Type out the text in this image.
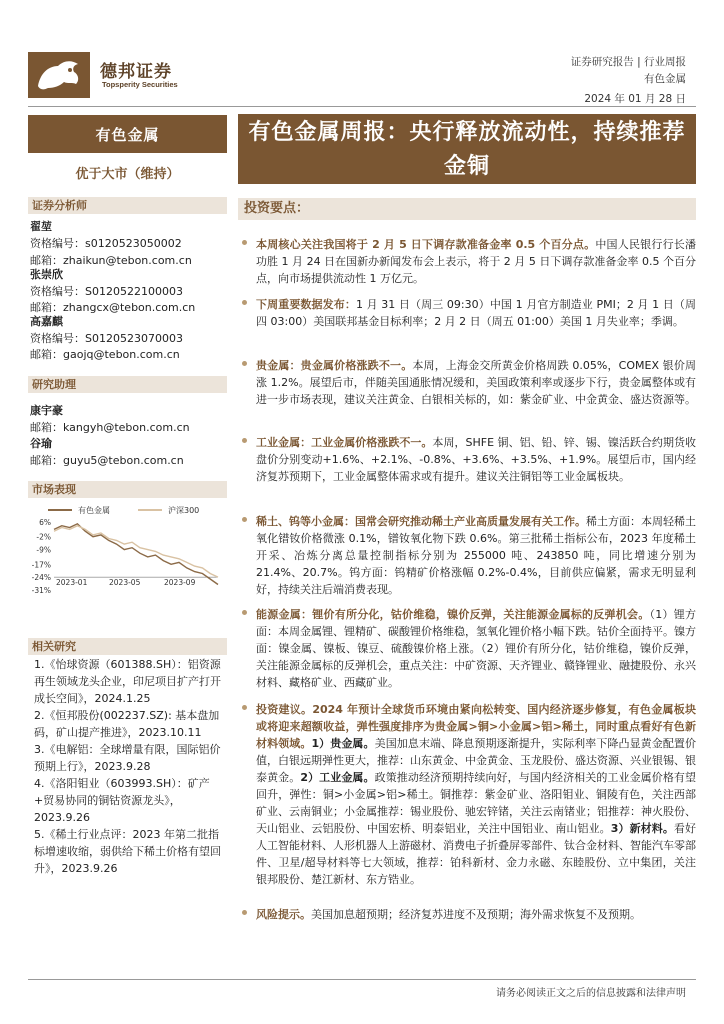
德邦证券
Topsperity Securities
证券研究报告 | 行业周报
有色金属
2024 年 01 月 28 日
有色金属
优于大市（维持）
证券分析师
翟堃
资格编号：s0120523050002
邮箱：zhaikun@tebon.com.cn
张崇欣
资格编号：S0120522100003
邮箱：zhangcx@tebon.com.cn
高嘉麒
资格编号：S0120523070003
邮箱：gaojq@tebon.com.cn
研究助理
康宇豪
邮箱：kangyh@tebon.com.cn
谷瑜
邮箱：guyu5@tebon.com.cn
市场表现
有色金属	沪深300
6%
-2%
-9%
-17%
-24%
-31%
2023-01	2023-05	2023-09
相关研究
1.《怡球资源（601388.SH）：铝资源再生领域龙头企业，印尼项目扩产打开成长空间》，2024.1.25
2.《恒邦股份(002237.SZ): 基本盘加码，矿山提产推进》，2023.10.11
3.《电解铝：全球增量有限，国际铝价预期上行》，2023.9.28
4.《洛阳钼业（603993.SH）：矿产+贸易协同的铜钴资源龙头》，2023.9.26
5.《稀土行业点评：2023 年第二批指标增速收缩，弱供给下稀土价格有望回升》，2023.9.26
有色金属周报：央行释放流动性，持续推荐金铜
投资要点：
本周核心关注我国将于 2 月 5 日下调存款准备金率 0.5 个百分点。中国人民银行行长潘功胜 1 月 24 日在国新办新闻发布会上表示，将于 2 月 5 日下调存款准备金率 0.5 个百分点，向市场提供流动性 1 万亿元。
下周重要数据发布：1 月 31 日（周三 09:30）中国 1 月官方制造业 PMI；2 月 1 日（周四 03:00）美国联邦基金目标利率；2 月 2 日（周五 01:00）美国 1 月失业率；季调。
贵金属：贵金属价格涨跌不一。本周，上海金交所黄金价格周跌 0.05%，COMEX 银价周涨 1.2%。展望后市，伴随美国通胀情况缓和，美国政策利率或逐步下行，贵金属整体或有进一步市场表现，建议关注黄金、白银相关标的，如：紫金矿业、中金黄金、盛达资源等。
工业金属：工业金属价格涨跌不一。本周，SHFE 铜、铝、铅、锌、锡、镍活跃合约期货收盘价分别变动+1.6%、+2.1%、-0.8%、+3.6%、+3.5%、+1.9%。展望后市，国内经济复苏预期下，工业金属整体需求或有提升。建议关注铜铝等工业金属板块。
稀土、钨等小金属：国常会研究推动稀土产业高质量发展有关工作。稀土方面：本周轻稀土氧化镨钕价格微涨 0.1%，镨钕氧化物下跌 0.6%。第三批稀土指标公布，2023 年度稀土开采、冶炼分离总量控制指标分别为 255000 吨、243850 吨，同比增速分别为 21.4%、20.7%。钨方面：钨精矿价格涨幅 0.2%-0.4%，目前供应偏紧，需求无明显利好，持续关注后端消费表现。
能源金属：锂价有所分化，钴价维稳，镍价反弹，关注能源金属标的反弹机会。（1）锂方面：本周金属锂、锂精矿、碳酸锂价格维稳，氢氧化锂价格小幅下跌。钴价全面持平。镍方面：镍金属、镍板、镍豆、硫酸镍价格上涨。（2）锂价有所分化，钴价维稳，镍价反弹，关注能源金属标的反弹机会，重点关注：中矿资源、天齐锂业、赣锋锂业、融捷股份、永兴材料、藏格矿业、西藏矿业。
投资建议。2024 年预计全球货币环境由紧向松转变、国内经济逐步修复，有色金属板块或将迎来超额收益，弹性强度排序为贵金属>铜>小金属>铝>稀土，同时重点看好有色新材料领域。1）贵金属。美国加息末端、降息预期逐渐提升，实际利率下降凸显黄金配置价值，白银远期弹性更大，推荐：山东黄金、中金黄金、玉龙股份、盛达资源、兴业银锡、银泰黄金。2）工业金属。政策推动经济预期持续向好，与国内经济相关的工业金属价格有望回升，弹性：铜>小金属>铝>稀土。铜推荐：紫金矿业、洛阳钼业、铜陵有色，关注西部矿业、云南铜业；小金属推荐：锡业股份、驰宏锌锗，关注云南锗业；铝推荐：神火股份、天山铝业、云铝股份、中国宏桥、明泰铝业，关注中国铝业、南山铝业。3）新材料。看好人工智能材料、人形机器人上游磁材、消费电子折叠屏零部件、钛合金材料、智能汽车零部件、卫星/超导材料等七大领域，推荐：铂科新材、金力永磁、东睦股份、立中集团，关注银邦股份、楚江新材、东方锆业。
风险提示。美国加息超预期；经济复苏进度不及预期；海外需求恢复不及预期。
请务必阅读正文之后的信息披露和法律声明
